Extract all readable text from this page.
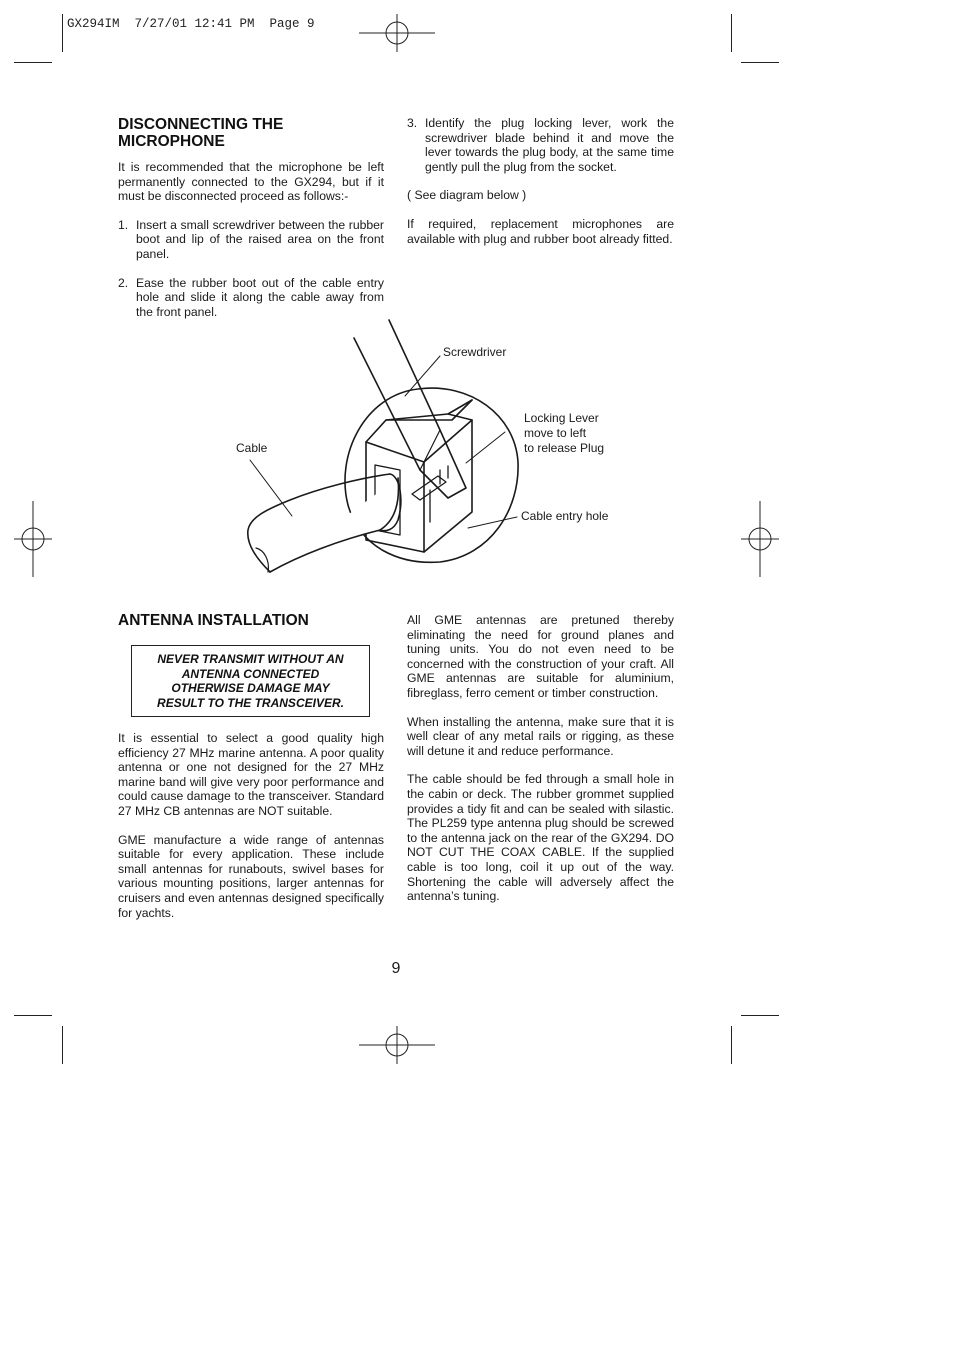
GX294IM  7/27/01 12:41 PM  Page 9
DISCONNECTING THE
MICROPHONE

It is recommended that the microphone be left permanently connected to the GX294, but if it must be disconnected proceed as follows:-

1. Insert a small screwdriver between the rubber boot and lip of the raised area on the front panel.
2. Ease the rubber boot out of the cable entry hole and slide it along the cable away from the front panel.
3. Identify the plug locking lever, work the screwdriver blade behind it and move the lever towards the plug body, at the same time gently pull the plug from the socket.

( See diagram below )

If required, replacement microphones are available with plug and rubber boot already fitted.

Screwdriver
Cable
Locking Lever
move to left
to release Plug
Cable entry hole
ANTENNA INSTALLATION
NEVER TRANSMIT WITHOUT AN
ANTENNA CONNECTED
OTHERWISE DAMAGE MAY
RESULT TO THE TRANSCEIVER.

It is essential to select a good quality high efficiency 27 MHz marine antenna. A poor quality antenna or one not designed for the 27 MHz marine band will give very poor performance and could cause damage to the transceiver. Standard 27 MHz CB antennas are NOT suitable.

GME manufacture a wide range of antennas suitable for every application. These include small antennas for runabouts, swivel bases for various mounting positions, larger antennas for cruisers and even antennas designed specifically for yachts.

All GME antennas are pretuned thereby eliminating the need for ground planes and tuning units. You do not even need to be concerned with the construction of your craft. All GME antennas are suitable for aluminium, fibreglass, ferro cement or timber construction.

When installing the antenna, make sure that it is well clear of any metal rails or rigging, as these will detune it and reduce performance.

The cable should be fed through a small hole in the cabin or deck. The rubber grommet supplied provides a tidy fit and can be sealed with silastic. The PL259 type antenna plug should be screwed to the antenna jack on the rear of the GX294. DO NOT CUT THE COAX CABLE. If the supplied cable is too long, coil it up out of the way. Shortening the cable will adversely affect the antenna’s tuning.

9
